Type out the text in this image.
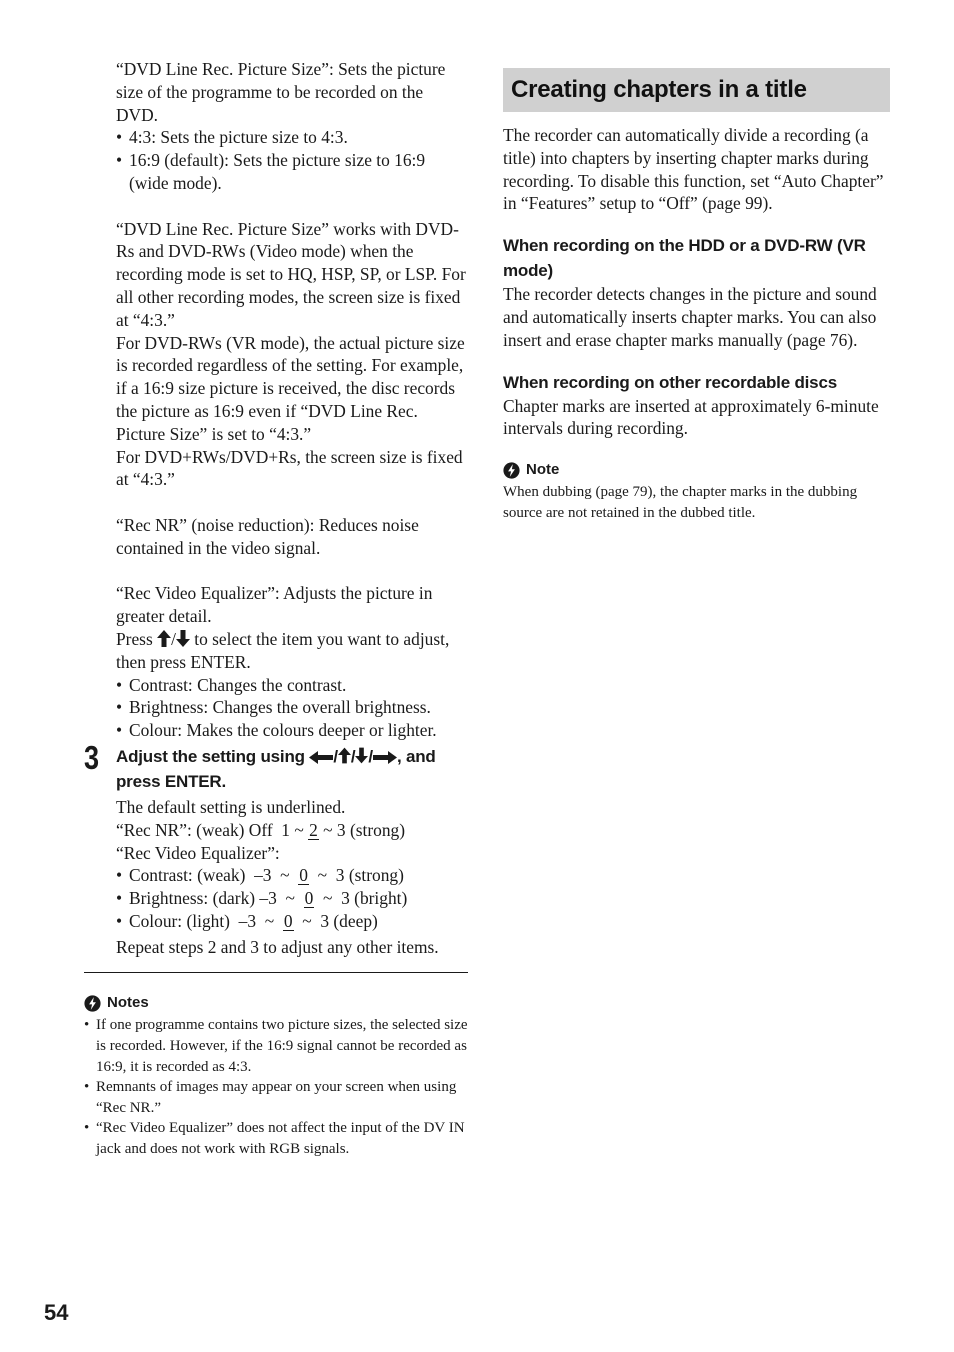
“DVD Line Rec. Picture Size”: Sets the picture size of the programme to be recorded on the DVD.

• 4:3: Sets the picture size to 4:3.
• 16:9 (default): Sets the picture size to 16:9 (wide mode).

“DVD Line Rec. Picture Size” works with DVD-Rs and DVD-RWs (Video mode) when the recording mode is set to HQ, HSP, SP, or LSP. For all other recording modes, the screen size is fixed at “4:3.”

For DVD-RWs (VR mode), the actual picture size is recorded regardless of the setting. For example, if a 16:9 size picture is received, the disc records the picture as 16:9 even if “DVD Line Rec. Picture Size” is set to “4:3.”

For DVD+RWs/DVD+Rs, the screen size is fixed at “4:3.”

“Rec NR” (noise reduction): Reduces noise contained in the video signal.

“Rec Video Equalizer”: Adjusts the picture in greater detail.

Press / to select the item you want to adjust, then press ENTER.

• Contrast: Changes the contrast.
• Brightness: Changes the overall brightness.
• Colour: Makes the colours deeper or lighter.
3 Adjust the setting using / / / , and press ENTER.

The default setting is underlined.

“Rec NR”: (weak) Off  1 ~ 2 ~ 3 (strong)

“Rec Video Equalizer”:

• Contrast: (weak)  –3  ~  0  ~  3 (strong)
• Brightness: (dark) –3  ~  0  ~  3 (bright)
• Colour: (light)  –3  ~  0  ~  3 (deep)

Repeat steps 2 and 3 to adjust any other items.

Notes
• If one programme contains two picture sizes, the selected size is recorded. However, if the 16:9 signal cannot be recorded as 16:9, it is recorded as 4:3.
• Remnants of images may appear on your screen when using “Rec NR.”
• “Rec Video Equalizer” does not affect the input of the DV IN jack and does not work with RGB signals.
Creating chapters in a title

The recorder can automatically divide a recording (a title) into chapters by inserting chapter marks during recording. To disable this function, set “Auto Chapter” in “Features” setup to “Off” (page 99).

When recording on the HDD or a DVD-RW (VR mode)

The recorder detects changes in the picture and sound and automatically inserts chapter marks. You can also insert and erase chapter marks manually (page 76).

When recording on other recordable discs

Chapter marks are inserted at approximately 6-minute intervals during recording.

Note

When dubbing (page 79), the chapter marks in the dubbing source are not retained in the dubbed title.

54
